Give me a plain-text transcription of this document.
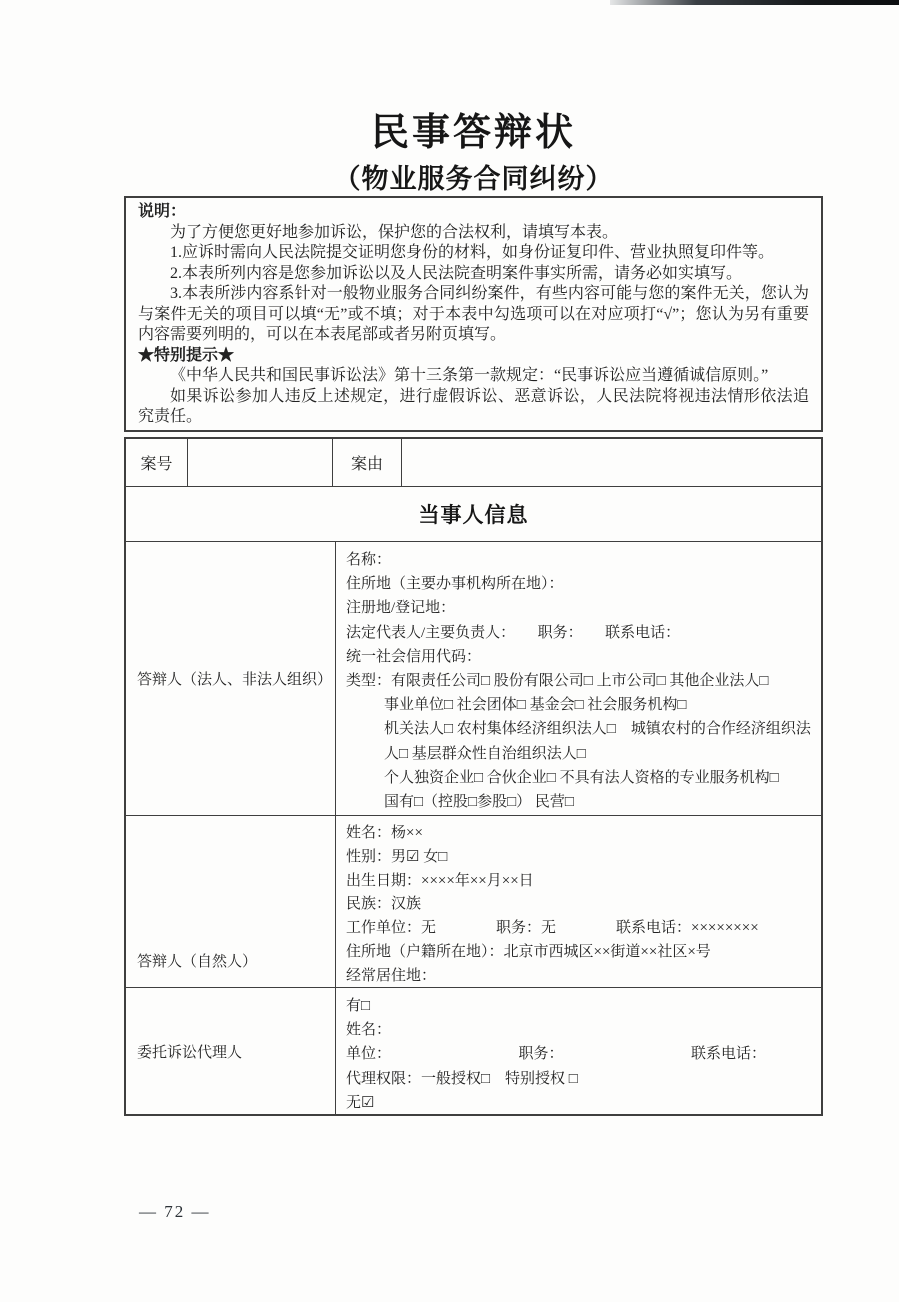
民事答辩状
（物业服务合同纠纷）
说明：
为了方便您更好地参加诉讼，保护您的合法权利，请填写本表。
1.应诉时需向人民法院提交证明您身份的材料，如身份证复印件、营业执照复印件等。
2.本表所列内容是您参加诉讼以及人民法院查明案件事实所需，请务必如实填写。
3.本表所涉内容系针对一般物业服务合同纠纷案件，有些内容可能与您的案件无关，您认为与案件无关的项目可以填“无”或不填；对于本表中勾选项可以在对应项打“√”；您认为另有重要内容需要列明的，可以在本表尾部或者另附页填写。
★特别提示★
《中华人民共和国民事诉讼法》第十三条第一款规定：“民事诉讼应当遵循诚信原则。”
如果诉讼参加人违反上述规定，进行虚假诉讼、恶意诉讼，人民法院将视违法情形依法追究责任。
案号	案由
当事人信息
答辩人（法人、非法人组织）
名称：
住所地（主要办事机构所在地）：
注册地/登记地：
法定代表人/主要负责人：　　职务：　　联系电话：
统一社会信用代码：
类型：有限责任公司□ 股份有限公司□ 上市公司□ 其他企业法人□
事业单位□ 社会团体□ 基金会□ 社会服务机构□
机关法人□ 农村集体经济组织法人□　城镇农村的合作经济组织法
人□ 基层群众性自治组织法人□
个人独资企业□ 合伙企业□ 不具有法人资格的专业服务机构□
国有□（控股□参股□） 民营□
答辩人（自然人）
姓名：杨××
性别：男☑ 女□
出生日期：××××年××月××日
民族：汉族
工作单位：无　　　　职务：无　　　　联系电话：××××××××
住所地（户籍所在地）：北京市西城区××街道××社区×号
经常居住地：
委托诉讼代理人
有□
姓名：
单位：　　　　　　　　　职务：　　　　　　　　　联系电话：
代理权限：一般授权□　特别授权 □
无☑
— 72 —
